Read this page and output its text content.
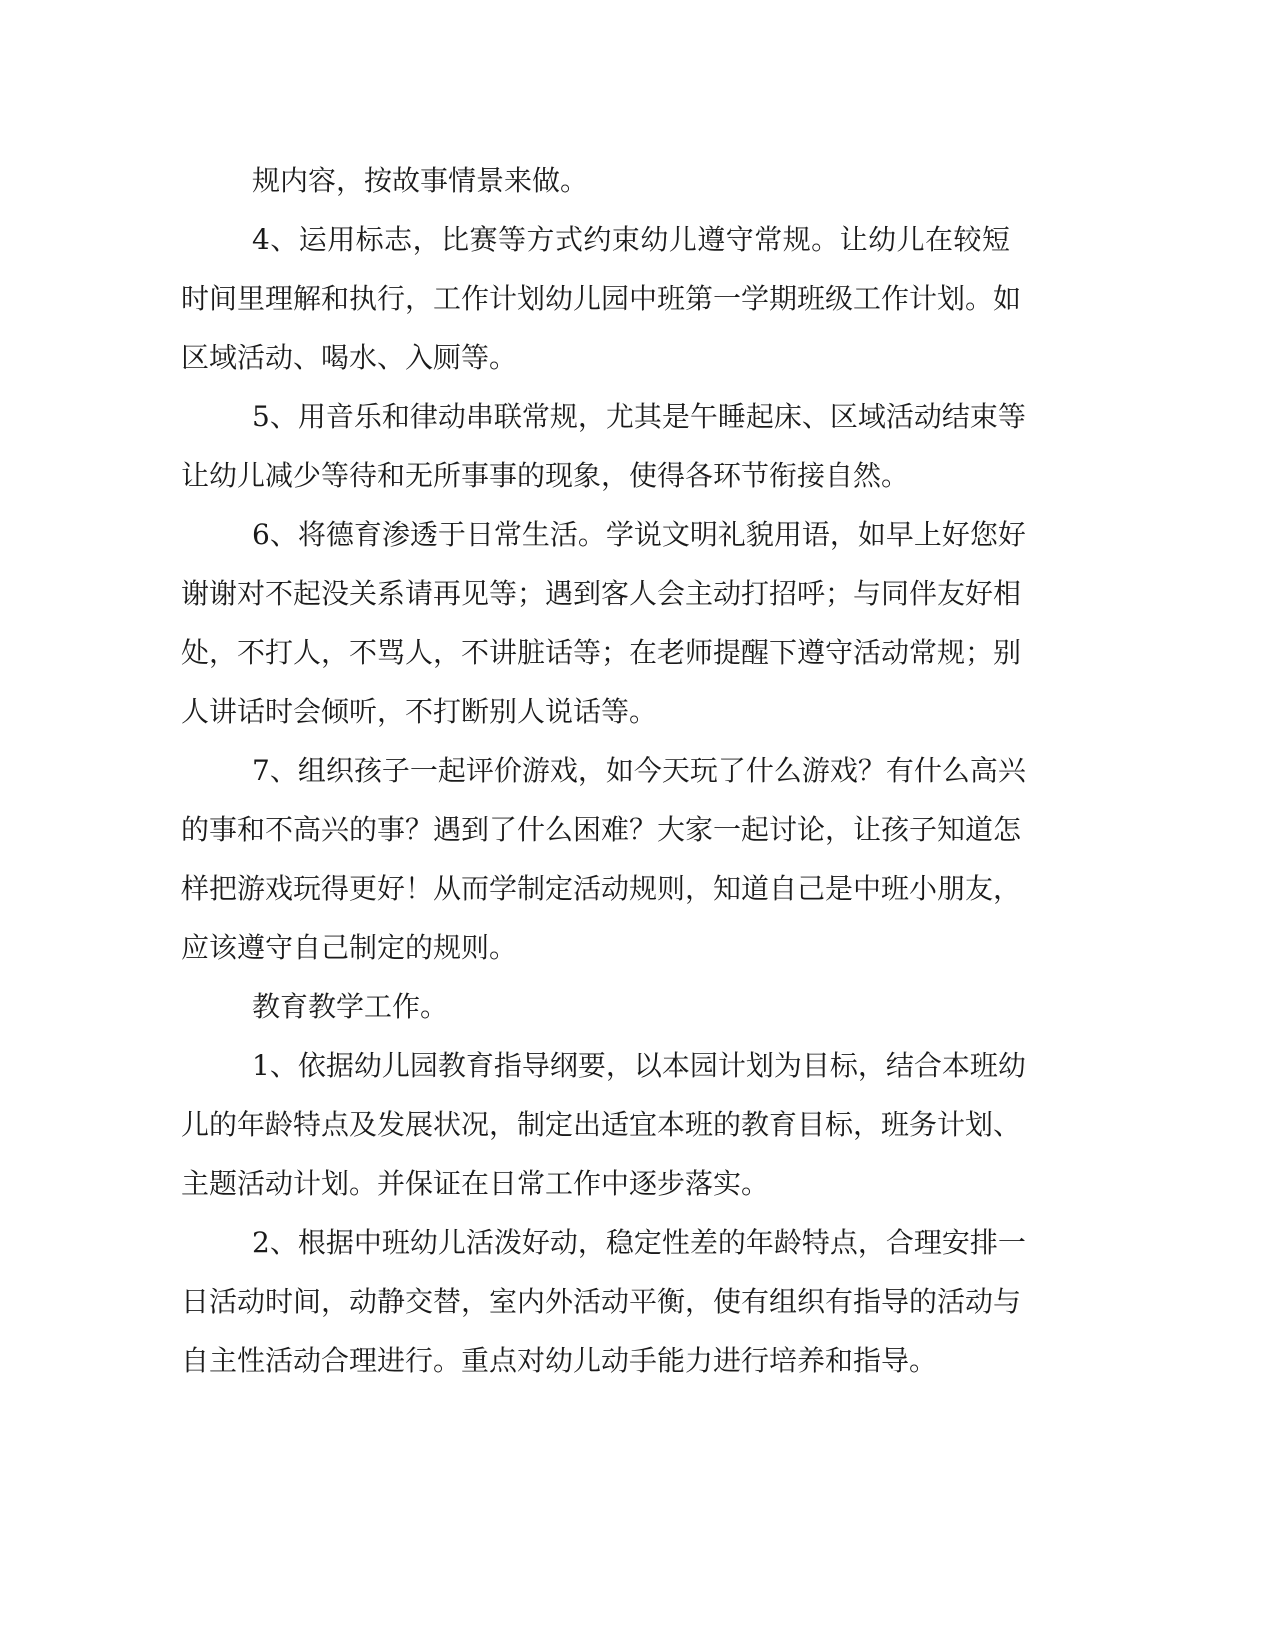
规内容，按故事情景来做。
4、运用标志，比赛等方式约束幼儿遵守常规。让幼儿在较短
时间里理解和执行，工作计划幼儿园中班第一学期班级工作计划。如
区域活动、喝水、入厕等。
5、用音乐和律动串联常规，尤其是午睡起床、区域活动结束等
让幼儿减少等待和无所事事的现象，使得各环节衔接自然。
6、将德育渗透于日常生活。学说文明礼貌用语，如早上好您好
谢谢对不起没关系请再见等；遇到客人会主动打招呼；与同伴友好相
处，不打人，不骂人，不讲脏话等；在老师提醒下遵守活动常规；别
人讲话时会倾听，不打断别人说话等。
7、组织孩子一起评价游戏，如今天玩了什么游戏？有什么高兴
的事和不高兴的事？遇到了什么困难？大家一起讨论，让孩子知道怎
样把游戏玩得更好！从而学制定活动规则，知道自己是中班小朋友，
应该遵守自己制定的规则。
教育教学工作。
1、依据幼儿园教育指导纲要，以本园计划为目标，结合本班幼
儿的年龄特点及发展状况，制定出适宜本班的教育目标，班务计划、
主题活动计划。并保证在日常工作中逐步落实。
2、根据中班幼儿活泼好动，稳定性差的年龄特点，合理安排一
日活动时间，动静交替，室内外活动平衡，使有组织有指导的活动与
自主性活动合理进行。重点对幼儿动手能力进行培养和指导。
